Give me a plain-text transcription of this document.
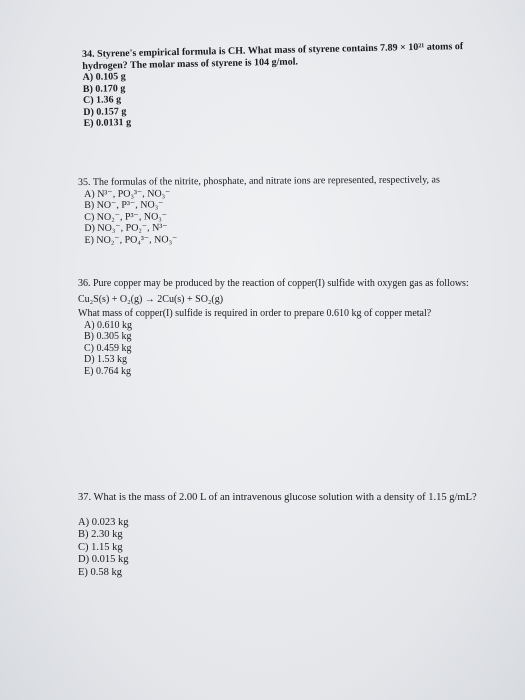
34. Styrene's empirical formula is CH. What mass of styrene contains 7.89 × 10²¹ atoms of hydrogen? The molar mass of styrene is 104 g/mol.
A) 0.105 g
B) 0.170 g
C) 1.36 g
D) 0.157 g
E) 0.0131 g
35. The formulas of the nitrite, phosphate, and nitrate ions are represented, respectively, as
A) N³⁻, PO₃³⁻, NO₃⁻
B) NO⁻, P³⁻, NO₃⁻
C) NO₂⁻, P³⁻, NO₃⁻
D) NO₃⁻, PO₂⁻, N³⁻
E) NO₂⁻, PO₄³⁻, NO₃⁻
36. Pure copper may be produced by the reaction of copper(I) sulfide with oxygen gas as follows:
Cu₂S(s) + O₂(g) → 2Cu(s) + SO₂(g)
What mass of copper(I) sulfide is required in order to prepare 0.610 kg of copper metal?
A) 0.610 kg
B) 0.305 kg
C) 0.459 kg
D) 1.53 kg
E) 0.764 kg
37. What is the mass of 2.00 L of an intravenous glucose solution with a density of 1.15 g/mL?
A) 0.023 kg
B) 2.30 kg
C) 1.15 kg
D) 0.015 kg
E) 0.58 kg
